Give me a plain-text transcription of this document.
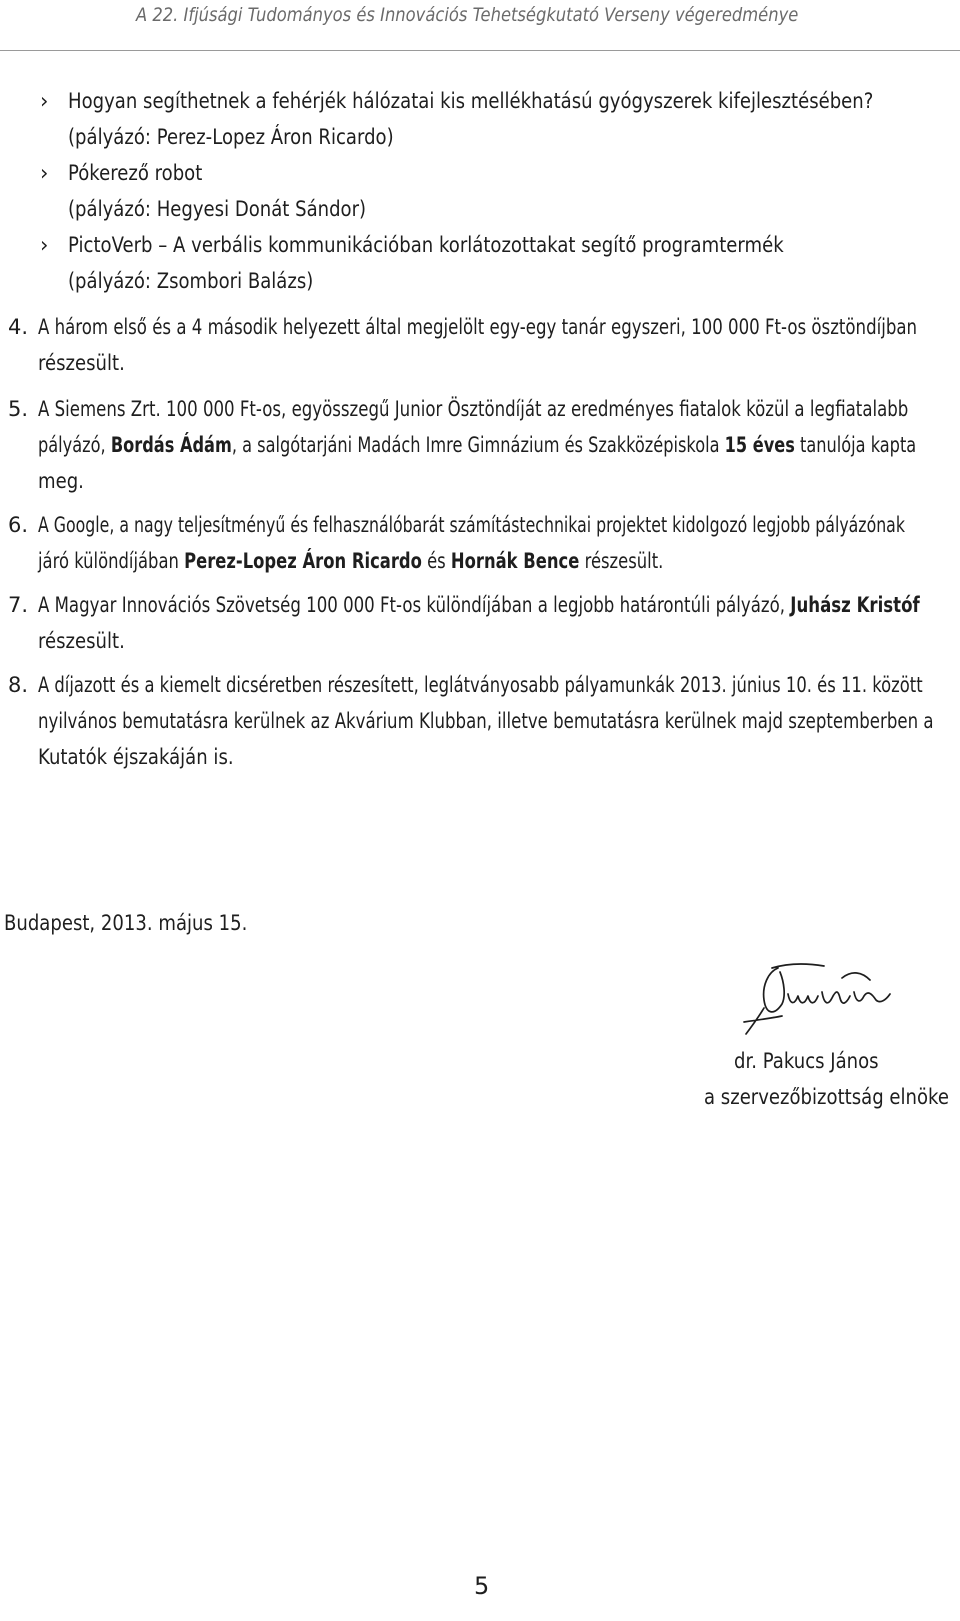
A 22. Ifjúsági Tudományos és Innovációs Tehetségkutató Verseny végeredménye
› Hogyan segíthetnek a fehérjék hálózatai kis mellékhatású gyógyszerek kifejlesztésében?
(pályázó: Perez-Lopez Áron Ricardo)
› Pókerező robot
(pályázó: Hegyesi Donát Sándor)
› PictoVerb – A verbális kommunikációban korlátozottakat segítő programtermék
(pályázó: Zsombori Balázs)
4. A három első és a 4 második helyezett által megjelölt egy-egy tanár egyszeri, 100 000 Ft-os ösztöndíjban
részesült.
5. A Siemens Zrt. 100 000 Ft-os, egyösszegű Junior Ösztöndíját az eredményes fiatalok közül a legfiatalabb
pályázó, Bordás Ádám, a salgótarjáni Madách Imre Gimnázium és Szakközépiskola 15 éves tanulója kapta
meg.
6. A Google, a nagy teljesítményű és felhasználóbarát számítástechnikai projektet kidolgozó legjobb pályázónak
járó különdíjában Perez-Lopez Áron Ricardo és Hornák Bence részesült.
7. A Magyar Innovációs Szövetség 100 000 Ft-os különdíjában a legjobb határontúli pályázó, Juhász Kristóf
részesült.
8. A díjazott és a kiemelt dicséretben részesített, leglátványosabb pályamunkák 2013. június 10. és 11. között
nyilvános bemutatásra kerülnek az Akvárium Klubban, illetve bemutatásra kerülnek majd szeptemberben a
Kutatók éjszakáján is.
Budapest, 2013. május 15.
dr. Pakucs János
a szervezőbizottság elnöke
5
